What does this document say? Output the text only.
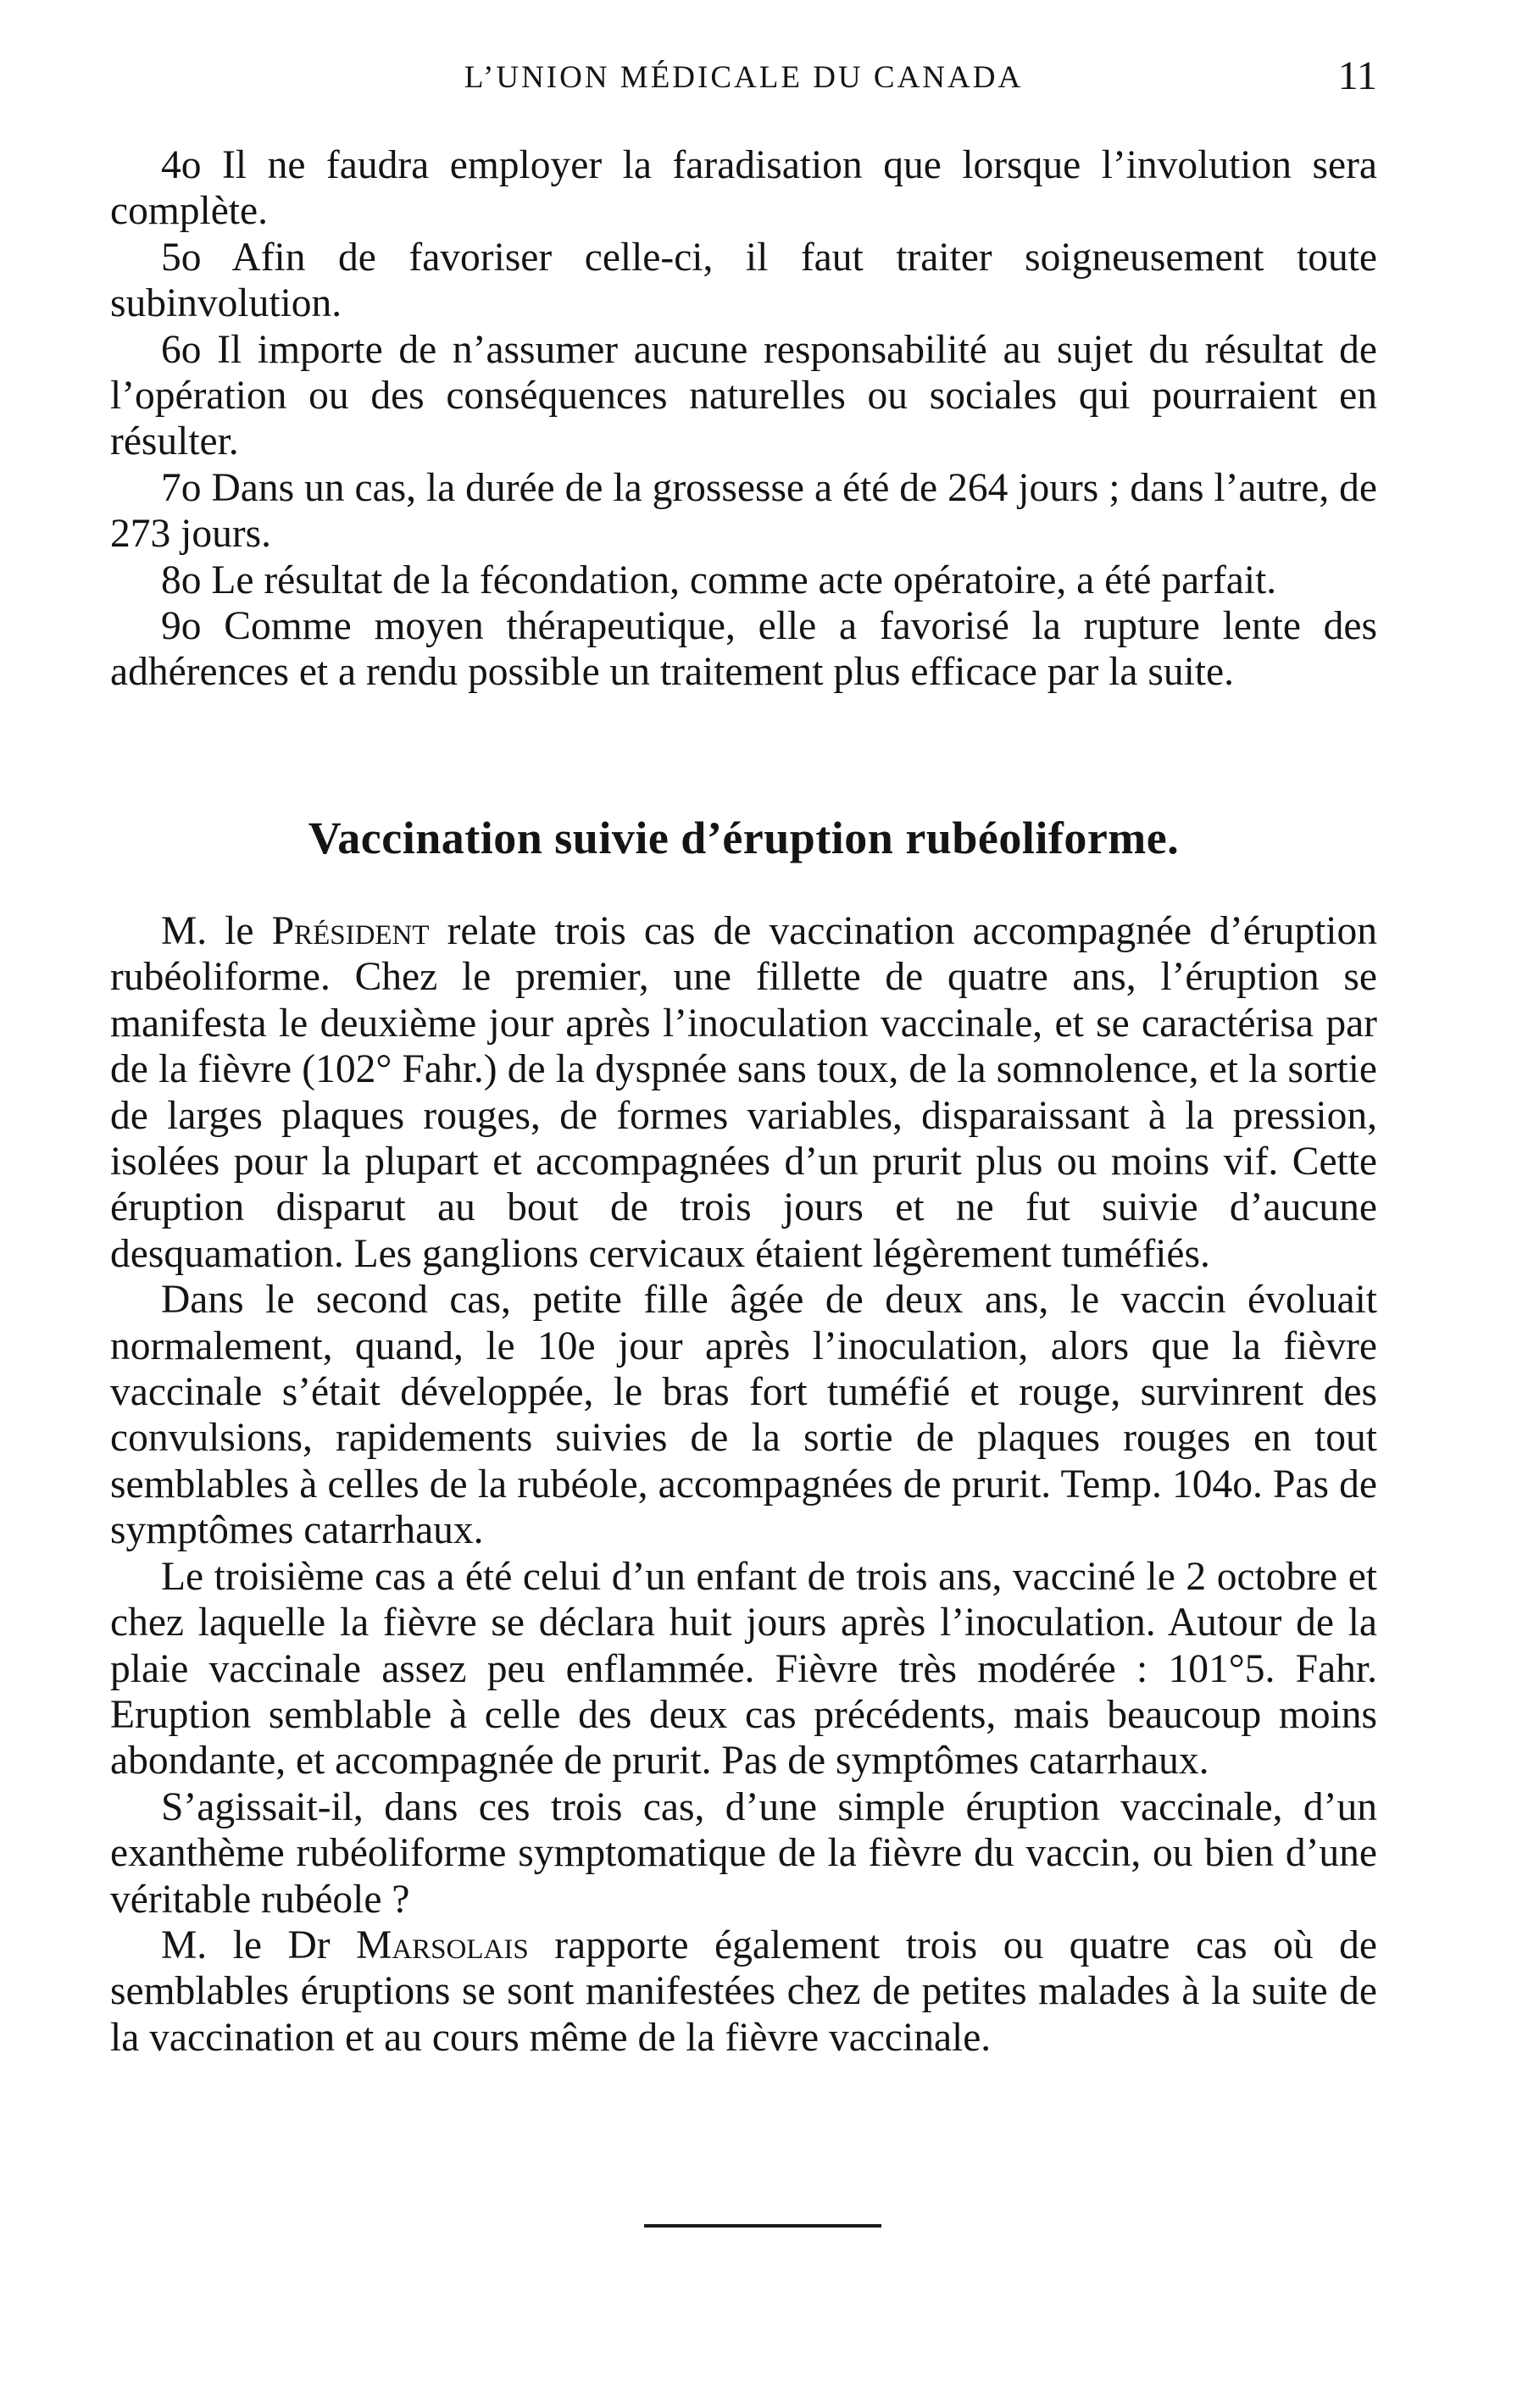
L’UNION MÉDICALE DU CANADA	11

4o Il ne faudra employer la faradisation que lorsque l’involution sera complète.

5o Afin de favoriser celle-ci, il faut traiter soigneusement toute subinvolution.

6o Il importe de n’assumer aucune responsabilité au sujet du résultat de l’opération ou des conséquences naturelles ou sociales qui pourraient en résulter.

7o Dans un cas, la durée de la grossesse a été de 264 jours ; dans l’autre, de 273 jours.

8o Le résultat de la fécondation, comme acte opératoire, a été parfait.

9o Comme moyen thérapeutique, elle a favorisé la rupture lente des adhérences et a rendu possible un traitement plus efficace par la suite.

Vaccination suivie d’éruption rubéoliforme.

M. le Président relate trois cas de vaccination accompagnée d’éruption rubéoliforme. Chez le premier, une fillette de quatre ans, l’éruption se manifesta le deuxième jour après l’inoculation vaccinale, et se caractérisa par de la fièvre (102° Fahr.) de la dyspnée sans toux, de la somnolence, et la sortie de larges plaques rouges, de formes variables, disparaissant à la pression, isolées pour la plupart et accompagnées d’un prurit plus ou moins vif. Cette éruption disparut au bout de trois jours et ne fut suivie d’aucune desquamation. Les ganglions cervicaux étaient légèrement tuméfiés.

Dans le second cas, petite fille âgée de deux ans, le vaccin évoluait normalement, quand, le 10e jour après l’inoculation, alors que la fièvre vaccinale s’était développée, le bras fort tuméfié et rouge, survinrent des convulsions, rapidements suivies de la sortie de plaques rouges en tout semblables à celles de la rubéole, accompagnées de prurit. Temp. 104o. Pas de symptômes catarrhaux.

Le troisième cas a été celui d’un enfant de trois ans, vacciné le 2 octobre et chez laquelle la fièvre se déclara huit jours après l’inoculation. Autour de la plaie vaccinale assez peu enflammée. Fièvre très modérée : 101°5. Fahr. Eruption semblable à celle des deux cas précédents, mais beaucoup moins abondante, et accompagnée de prurit. Pas de symptômes catarrhaux.

S’agissait-il, dans ces trois cas, d’une simple éruption vaccinale, d’un exanthème rubéoliforme symptomatique de la fièvre du vaccin, ou bien d’une véritable rubéole ?

M. le Dr Marsolais rapporte également trois ou quatre cas où de semblables éruptions se sont manifestées chez de petites malades à la suite de la vaccination et au cours même de la fièvre vaccinale.
